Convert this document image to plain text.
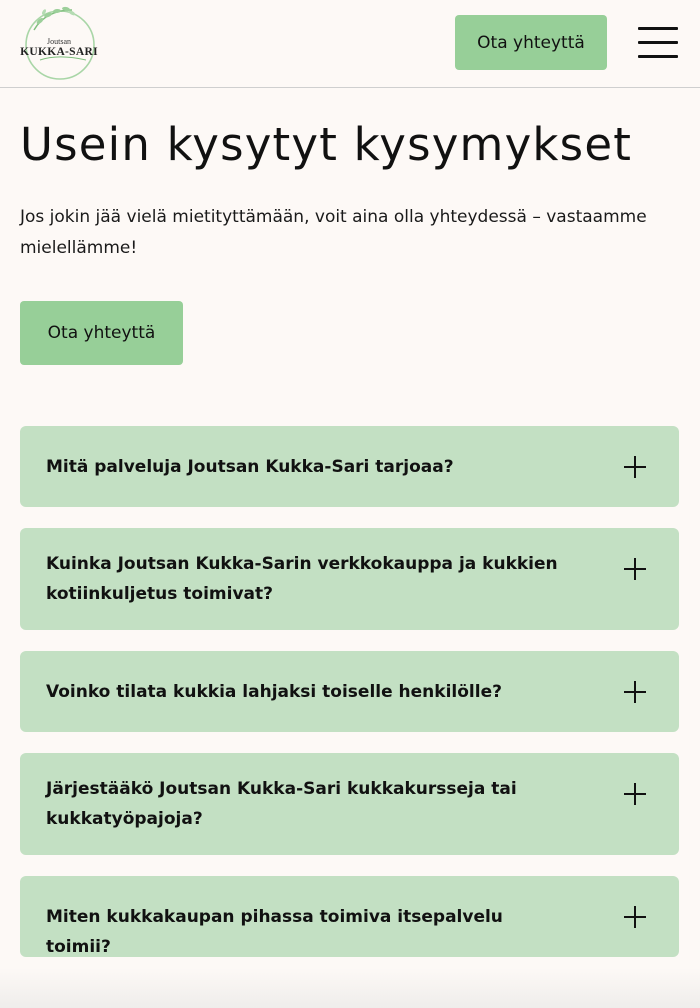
Joutsan
KUKKA-SARI	Ota yhteyttä
Usein kysytyt kysymykset

Jos jokin jää vielä mietityttämään, voit aina olla yhteydessä – vastaamme mielellämme!

Ota yhteyttä
Mitä palveluja Joutsan Kukka-Sari tarjoaa?
Kuinka Joutsan Kukka-Sarin verkkokauppa ja kukkien kotiinkuljetus toimivat?
Voinko tilata kukkia lahjaksi toiselle henkilölle?
Järjestääkö Joutsan Kukka-Sari kukkakursseja tai kukkatyöpajoja?
Miten kukkakaupan pihassa toimiva itsepalvelu toimii?
